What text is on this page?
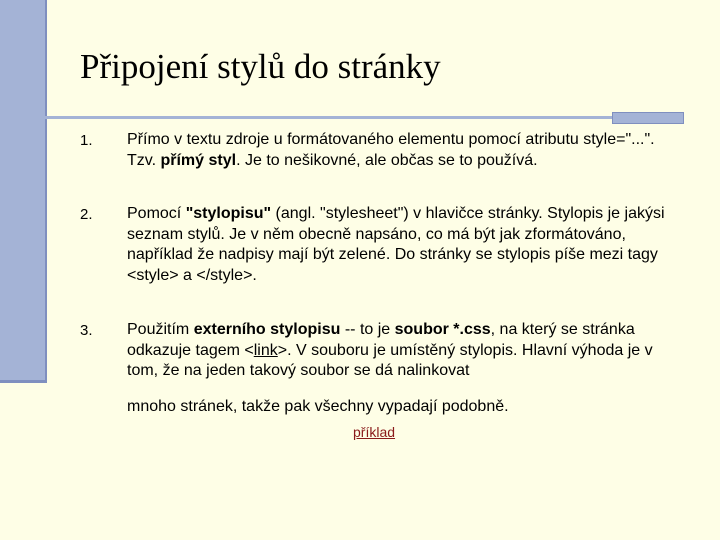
Připojení stylů do stránky
1. Přímo v textu zdroje u formátovaného elementu pomocí atributu style="...". Tzv. přímý styl. Je to nešikovné, ale občas se to používá.
2. Pomocí "stylopisu" (angl. "stylesheet") v hlavičce stránky. Stylopis je jakýsi seznam stylů. Je v něm obecně napsáno, co má být jak zformátováno, například že nadpisy mají být zelené. Do stránky se stylopis píše mezi tagy <style> a </style>.
3. Použitím externího stylopisu -- to je soubor *.css, na který se stránka odkazuje tagem <link>. V souboru je umístěný stylopis. Hlavní výhoda je v tom, že na jeden takový soubor se dá nalinkovat
mnoho stránek, takže pak všechny vypadají podobně.
příklad
